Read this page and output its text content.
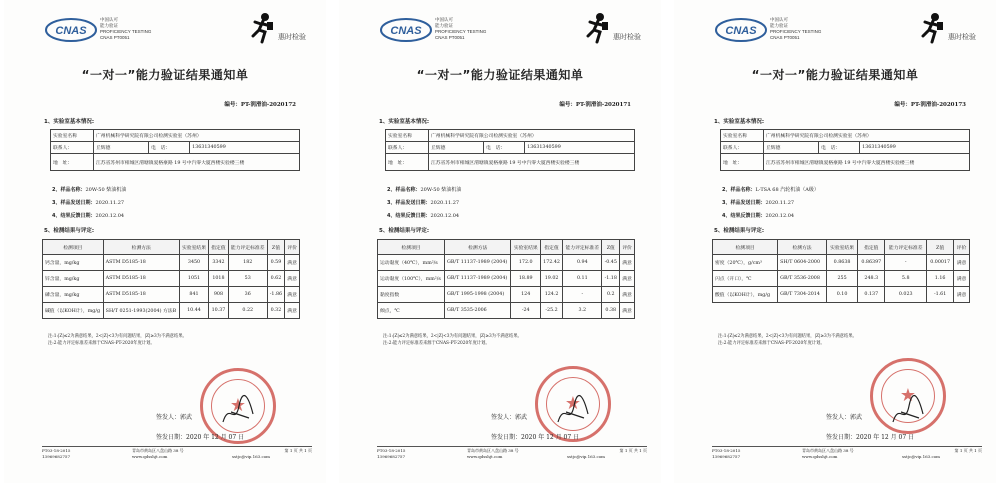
CNAS
中国认可
能力验证
PROFICIENCY TESTING
CNAS PT0051	惠时检验
“一对一”能力验证结果通知单
编号：PT-润滑油-2020172
1、实验室基本情况:
实验室名称	广州机械科学研究院有限公司检测实验室（苏州）		
联系人：	丘辉德	电　话：	13631340599
地　址：	江苏省苏州市相城区渭塘镇爱格豪路 19 号中汽零大厦西楼实验楼三楼		
2、样品名称：20W-50 柴油机油
3、样品发送日期：2020.11.27
4、结果反馈日期：2020.12.04
5、检测结果与评定:
检测项目	检测方法	实验室结果	指定值	能力评定标准差	Z值	评价
钙含量，mg/kg	ASTM D5185-18	3450	3342	182	0.59	满意
锌含量，mg/kg	ASTM D5185-18	1051	1018	53	0.62	满意
磷含量，mg/kg	ASTM D5185-18	841	908	36	-1.86	满意
碱值（以KOH计），mg/g	SH/T 0251-1993(2004) 方法B	10.44	10.37	0.22	0.32	满意
注:1:|Z|≤2为满意结果，2<|Z|<3为有问题结果，|Z|≥3为不满意结果。
注:2:能力评定标准差来源于CNAS-PT-2020年度计划。
★
签发人：郭武
签发日期：2020 年 12 月 07 日
PT03-18-2015
13969682757
青岛市黄岛区八盘山路 38 号
www.qdsshjt.com	sstjc@vip.163.com
第 1 页 共 1 页
CNAS
中国认可
能力验证
PROFICIENCY TESTING
CNAS PT0051	惠时检验
“一对一”能力验证结果通知单
编号：PT-润滑油-2020171
1、实验室基本情况:
实验室名称	广州机械科学研究院有限公司检测实验室（苏州）		
联系人：	丘辉德	电　话：	13631340599
地　址：	江苏省苏州市相城区渭塘镇爱格豪路 19 号中汽零大厦西楼实验楼三楼		
2、样品名称：20W-50 柴油机油
3、样品发送日期：2020.11.27
4、结果反馈日期：2020.12.04
5、检测结果与评定:
检测项目	检测方法	实验室结果	指定值	能力评定标准差	Z值	评价
运动黏度（40℃），mm²/s	GB/T 11137-1989 (2004)	172.0	172.42	0.94	-0.45	满意
运动黏度（100℃），mm²/s	GB/T 11137-1989 (2004)	18.89	19.02	0.11	-1.18	满意
黏度指数	GB/T 1995-1998 (2004)	124	124.2	-	0.2	满意
倾点，℃	GB/T 3535-2006	-24	-25.2	3.2	0.38	满意
注:1:|Z|≤2为满意结果，2<|Z|<3为有问题结果，|Z|≥3为不满意结果。
注:2:能力评定标准差来源于CNAS-PT-2020年度计划。
★
签发人：郭武
签发日期：2020 年 12 月 07 日
PT03-18-2015
13969682757
青岛市黄岛区八盘山路 38 号
www.qdsshjt.com	sstjc@vip.163.com
第 1 页 共 1 页
CNAS
中国认可
能力验证
PROFICIENCY TESTING
CNAS PT0051	惠时检验
“一对一”能力验证结果通知单
编号：PT-润滑油-2020173
1、实验室基本情况:
实验室名称	广州机械科学研究院有限公司检测实验室（苏州）		
联系人：	丘辉德	电　话：	13631340599
地　址：	江苏省苏州市相城区渭塘镇爱格豪路 19 号中汽零大厦西楼实验楼三楼		
2、样品名称：L-TSA 68 汽轮机油（A级）
3、样品发送日期：2020.11.27
4、结果反馈日期：2020.12.04
5、检测结果与评定:
检测项目	检测方法	实验室结果	指定值	能力评定标准差	Z值	评价
密度（20℃），g/cm³	SH/T 0604-2000	0.8638	0.86397	-	0.00017	满意
闪点（开口），℃	GB/T 3536-2008	255	248.3	5.8	1.16	满意
酸值（以KOH计），mg/g	GB/T 7304-2014	0.10	0.137	0.023	-1.61	满意
注:1:|Z|≤2为满意结果，2<|Z|<3为有问题结果，|Z|≥3为不满意结果。
注:2:能力评定标准差来源于CNAS-PT-2020年度计划。
★
签发人：郭武
签发日期：2020 年 12 月 07 日
PT03-18-2015
13969682757
青岛市黄岛区八盘山路 38 号
www.qdsshjt.com	sstjc@vip.163.com
第 1 页 共 1 页
